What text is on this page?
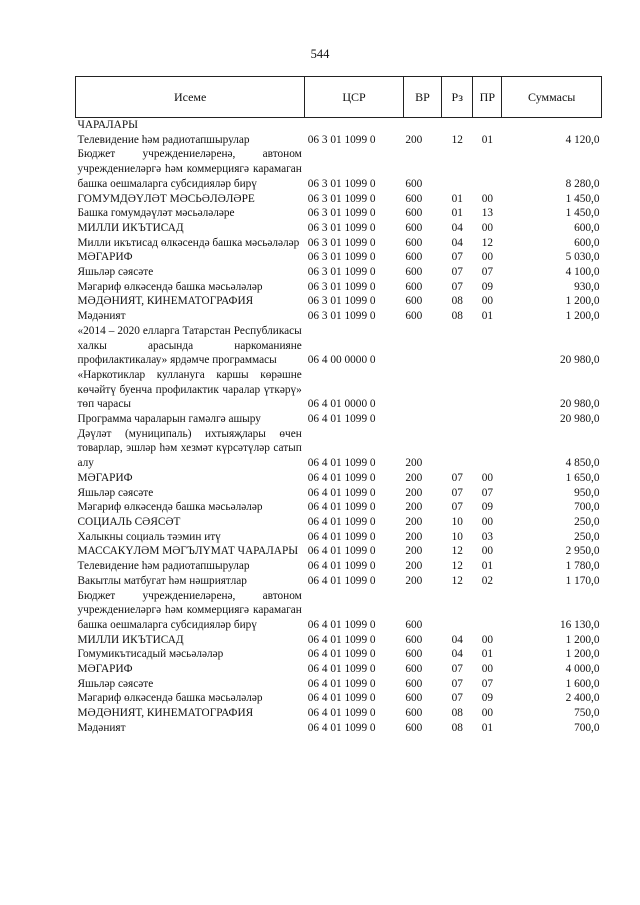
544
Исеме	ЦСР	ВР	Рз	ПР	Суммасы
ЧАРАЛАРЫ					
Телевидение һәм радиотапшырулар	06 3 01 1099 0	200	12	01	4 120,0
Бюджет учреждениеләренә, автоном учреждениеләргә һәм коммерциягә карамаган башка оешмаларга субсидияләр бирү	06 3 01 1099 0	600			8 280,0
ГОМУМДӘҮЛӘТ МӘСЬӘЛӘЛӘРЕ	06 3 01 1099 0	600	01	00	1 450,0
Башка гомумдәүләт мәсьәләләре	06 3 01 1099 0	600	01	13	1 450,0
МИЛЛИ ИКЪТИСАД	06 3 01 1099 0	600	04	00	600,0
Милли икътисад өлкәсендә башка мәсьәләләр	06 3 01 1099 0	600	04	12	600,0
МӘГАРИФ	06 3 01 1099 0	600	07	00	5 030,0
Яшьләр сәясәте	06 3 01 1099 0	600	07	07	4 100,0
Мәгариф өлкәсендә башка мәсьәләләр	06 3 01 1099 0	600	07	09	930,0
МӘДӘНИЯТ, КИНЕМАТОГРАФИЯ	06 3 01 1099 0	600	08	00	1 200,0
Мәдәният	06 3 01 1099 0	600	08	01	1 200,0
«2014 – 2020 елларга Татарстан Республикасы халкы арасында наркоманияне профилактикалау» ярдәмче программасы	06 4 00 0000 0				20 980,0
«Наркотиклар куллануга каршы көрәшне көчәйтү буенча профилактик чаралар үткәрү» төп чарасы	06 4 01 0000 0				20 980,0
Программа чараларын гамәлгә ашыру	06 4 01 1099 0				20 980,0
Дәүләт (муниципаль) ихтыяҗлары өчен товарлар, эшләр һәм хезмәт күрсәтүләр сатып алу	06 4 01 1099 0	200			4 850,0
МӘГАРИФ	06 4 01 1099 0	200	07	00	1 650,0
Яшьләр сәясәте	06 4 01 1099 0	200	07	07	950,0
Мәгариф өлкәсендә башка мәсьәләләр	06 4 01 1099 0	200	07	09	700,0
СОЦИАЛЬ СӘЯСӘТ	06 4 01 1099 0	200	10	00	250,0
Халыкны социаль тәэмин итү	06 4 01 1099 0	200	10	03	250,0
МАССАКҮЛӘМ МӘГЪЛҮМАТ ЧАРАЛАРЫ	06 4 01 1099 0	200	12	00	2 950,0
Телевидение һәм радиотапшырулар	06 4 01 1099 0	200	12	01	1 780,0
Вакытлы матбугат һәм нәшриятлар	06 4 01 1099 0	200	12	02	1 170,0
Бюджет учреждениеләренә, автоном учреждениеләргә һәм коммерциягә карамаган башка оешмаларга субсидияләр бирү	06 4 01 1099 0	600			16 130,0
МИЛЛИ ИКЪТИСАД	06 4 01 1099 0	600	04	00	1 200,0
Гомумикътисадый мәсьәләләр	06 4 01 1099 0	600	04	01	1 200,0
МӘГАРИФ	06 4 01 1099 0	600	07	00	4 000,0
Яшьләр сәясәте	06 4 01 1099 0	600	07	07	1 600,0
Мәгариф өлкәсендә башка мәсьәләләр	06 4 01 1099 0	600	07	09	2 400,0
МӘДӘНИЯТ, КИНЕМАТОГРАФИЯ	06 4 01 1099 0	600	08	00	750,0
Мәдәният	06 4 01 1099 0	600	08	01	700,0
